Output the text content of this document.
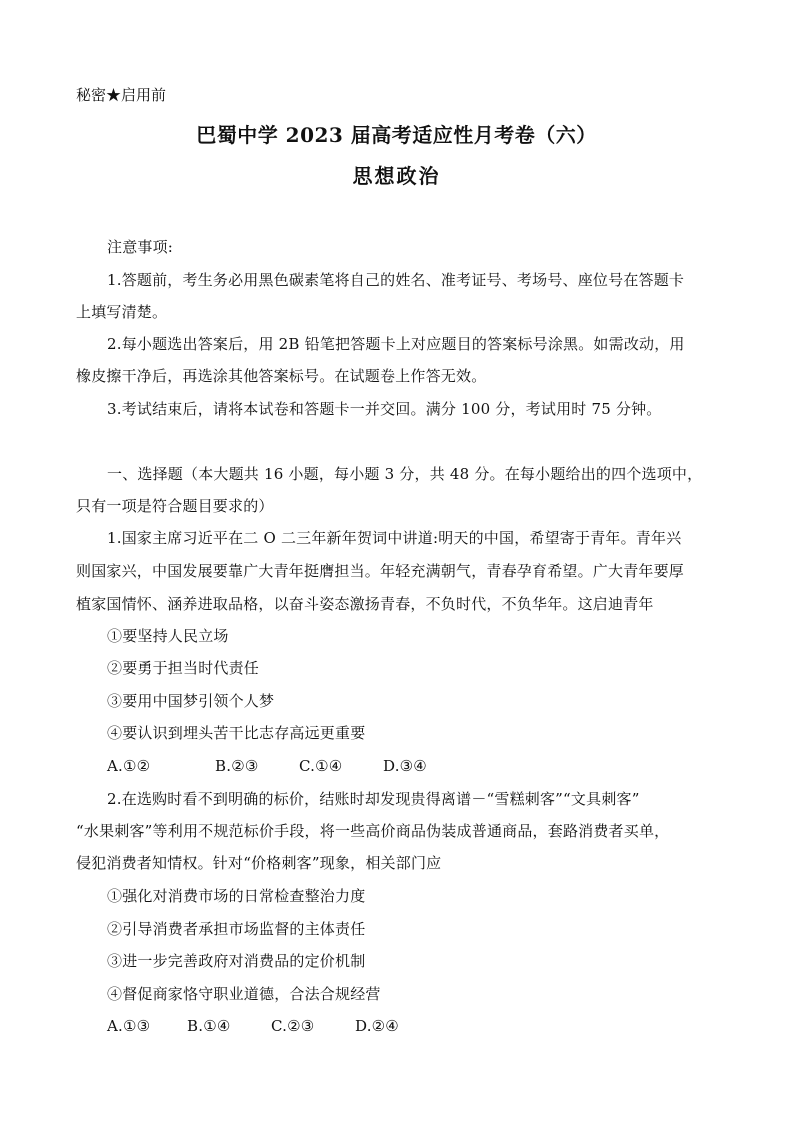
秘密★启用前
巴蜀中学 2023 届高考适应性月考卷（六）
思想政治
注意事项:
1.答题前，考生务必用黑色碳素笔将自己的姓名、准考证号、考场号、座位号在答题卡
上填写清楚。
2.每小题选出答案后，用 2B 铅笔把答题卡上对应题目的答案标号涂黑。如需改动，用
橡皮擦干净后，再选涂其他答案标号。在试题卷上作答无效。
3.考试结束后，请将本试卷和答题卡一并交回。满分 100 分，考试用时 75 分钟。
一、选择题（本大题共 16 小题，每小题 3 分，共 48 分。在每小题给出的四个选项中，
只有一项是符合题目要求的）
1.国家主席习近平在二 O 二三年新年贺词中讲道:明天的中国，希望寄于青年。青年兴
则国家兴，中国发展要靠广大青年挺膺担当。年轻充满朝气，青春孕育希望。广大青年要厚
植家国情怀、涵养进取品格，以奋斗姿态激扬青春，不负时代，不负华年。这启迪青年
①要坚持人民立场
②要勇于担当时代责任
③要用中国梦引领个人梦
④要认识到埋头苦干比志存高远更重要
A.①②	B.②③	C.①④	D.③④
2.在选购时看不到明确的标价，结账时却发现贵得离谱－“雪糕刺客”“文具刺客”
“水果刺客”等利用不规范标价手段，将一些高价商品伪装成普通商品，套路消费者买单，
侵犯消费者知情权。针对“价格刺客”现象，相关部门应
①强化对消费市场的日常检查整治力度
②引导消费者承担市场监督的主体责任
③进一步完善政府对消费品的定价机制
④督促商家恪守职业道德，合法合规经营
A.①③ B.①④	C.②③	D.②④
